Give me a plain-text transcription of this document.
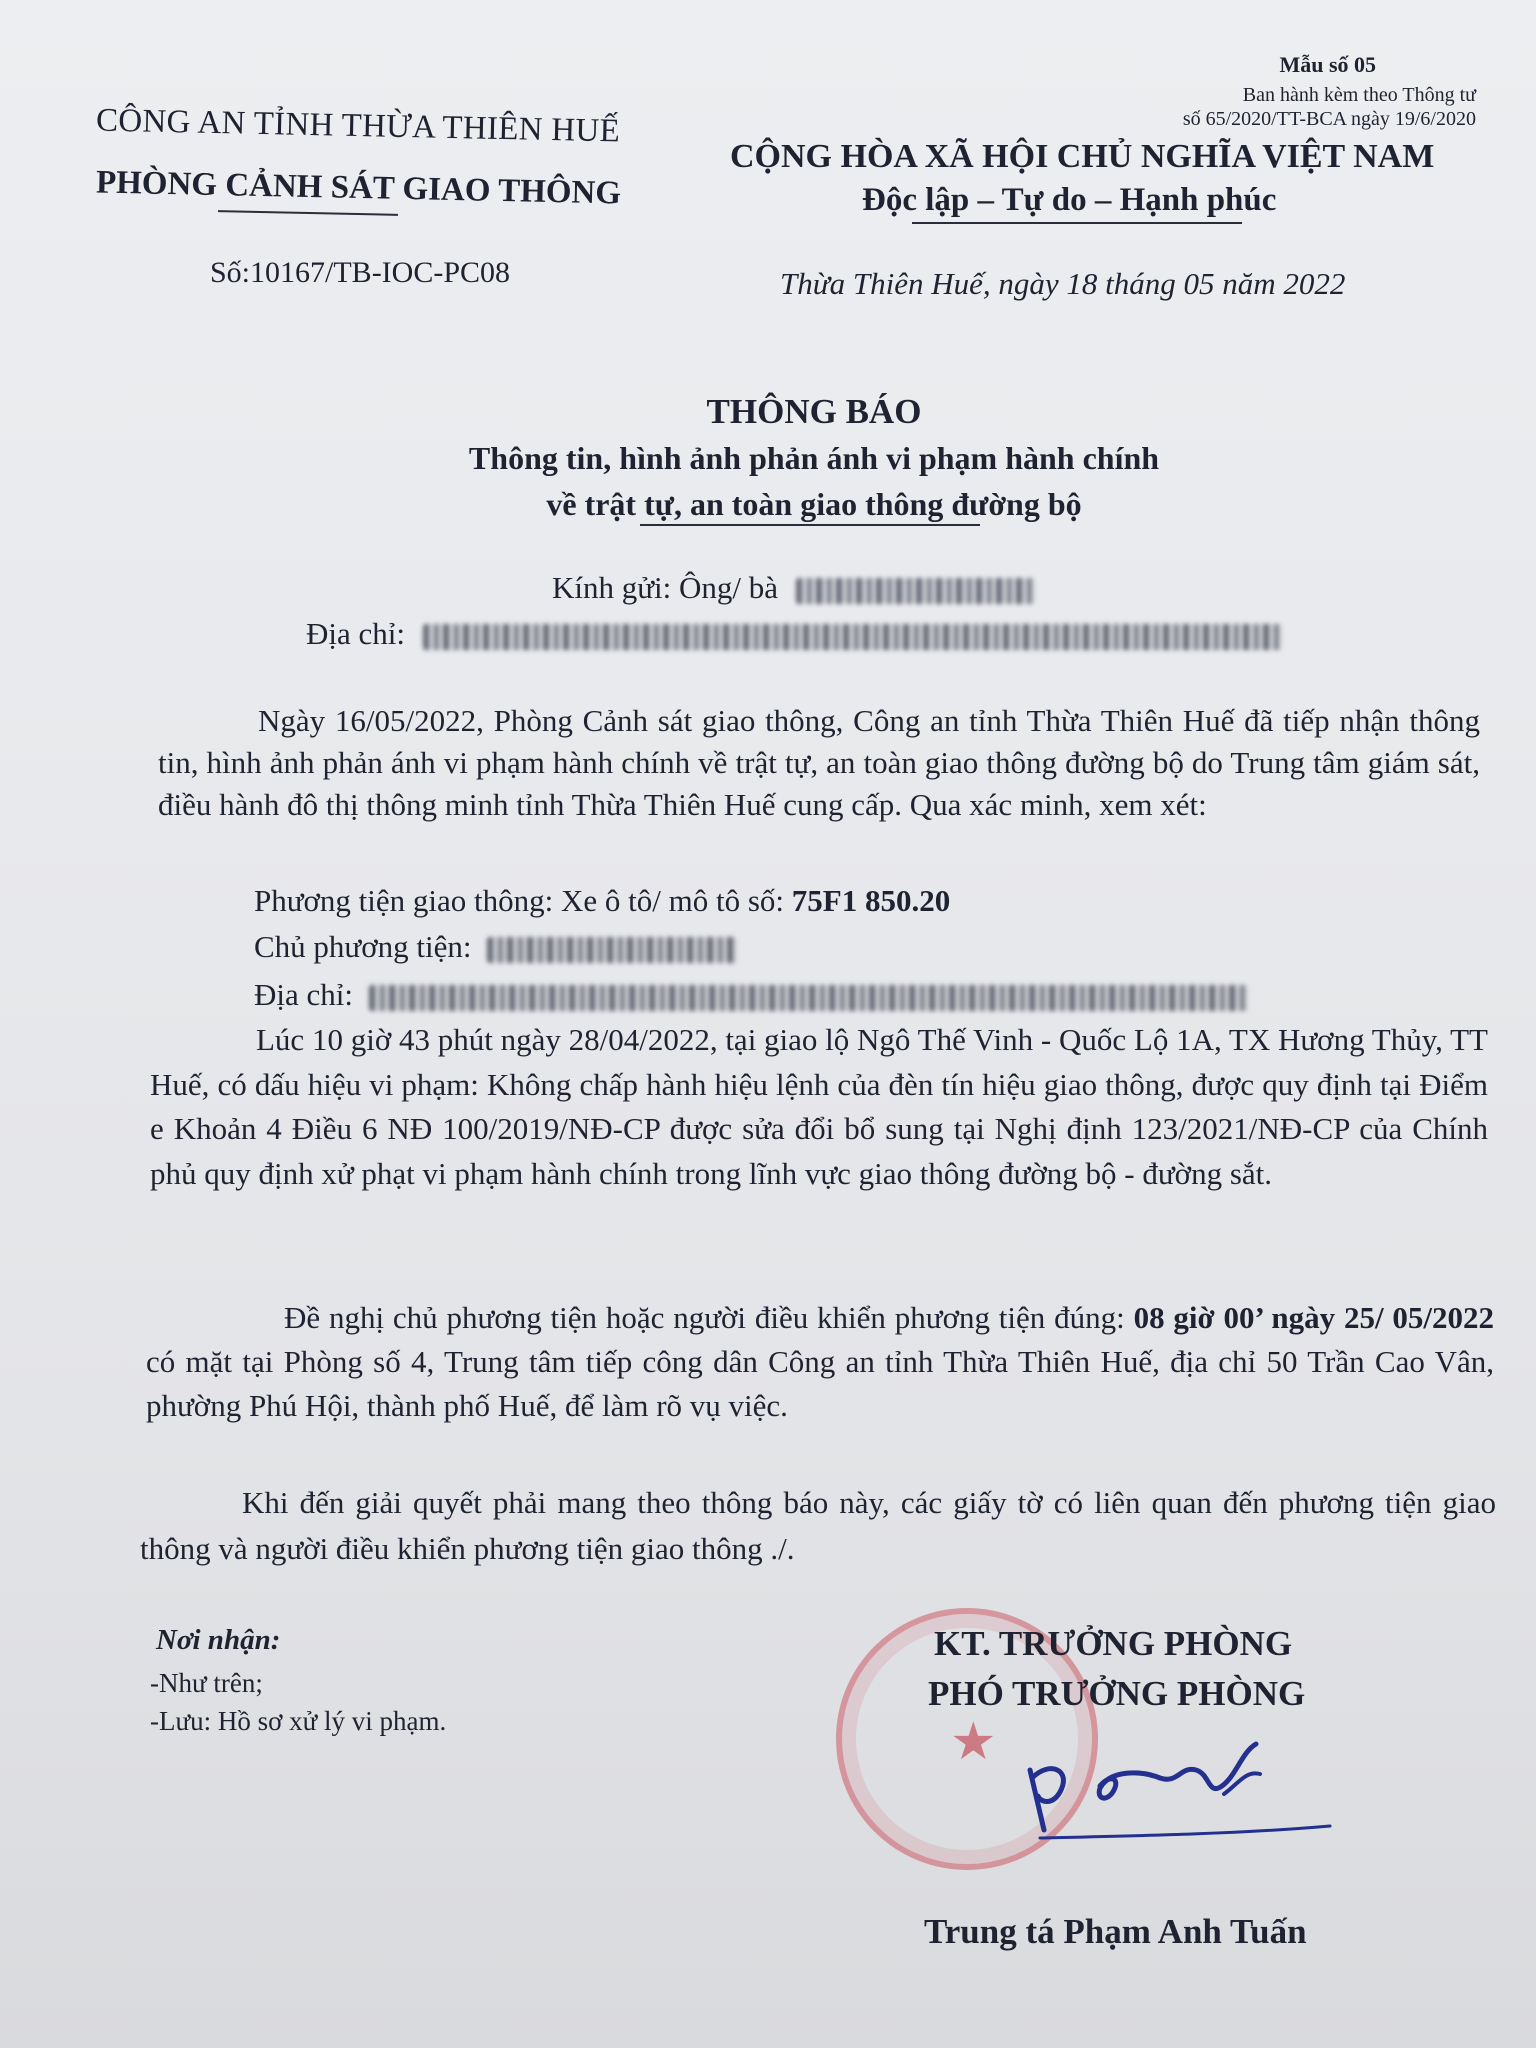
Mẫu số 05
Ban hành kèm theo Thông tư
số 65/2020/TT-BCA ngày 19/6/2020
CÔNG AN TỈNH THỪA THIÊN HUẾ
PHÒNG CẢNH SÁT GIAO THÔNG
Số:10167/TB-IOC-PC08
CỘNG HÒA XÃ HỘI CHỦ NGHĨA VIỆT NAM
Độc lập – Tự do – Hạnh phúc
Thừa Thiên Huế, ngày 18 tháng 05 năm 2022
THÔNG BÁO
Thông tin, hình ảnh phản ánh vi phạm hành chính
về trật tự, an toàn giao thông đường bộ
Kính gửi: Ông/ bà
Địa chỉ:
Ngày 16/05/2022, Phòng Cảnh sát giao thông, Công an tỉnh Thừa Thiên Huế đã tiếp nhận thông tin, hình ảnh phản ánh vi phạm hành chính về trật tự, an toàn giao thông đường bộ do Trung tâm giám sát, điều hành đô thị thông minh tỉnh Thừa Thiên Huế cung cấp. Qua xác minh, xem xét:
Phương tiện giao thông: Xe ô tô/ mô tô số: 75F1 850.20
Chủ phương tiện:
Địa chỉ:
Lúc 10 giờ 43 phút ngày 28/04/2022, tại giao lộ Ngô Thế Vinh - Quốc Lộ 1A, TX Hương Thủy, TT Huế, có dấu hiệu vi phạm: Không chấp hành hiệu lệnh của đèn tín hiệu giao thông, được quy định tại Điểm e Khoản 4 Điều 6 NĐ 100/2019/NĐ-CP được sửa đổi bổ sung tại Nghị định 123/2021/NĐ-CP của Chính phủ quy định xử phạt vi phạm hành chính trong lĩnh vực giao thông đường bộ - đường sắt.
Đề nghị chủ phương tiện hoặc người điều khiển phương tiện đúng: 08 giờ 00’ ngày 25/ 05/2022 có mặt tại Phòng số 4, Trung tâm tiếp công dân Công an tỉnh Thừa Thiên Huế, địa chỉ 50 Trần Cao Vân, phường Phú Hội, thành phố Huế, để làm rõ vụ việc.
Khi đến giải quyết phải mang theo thông báo này, các giấy tờ có liên quan đến phương tiện giao thông và người điều khiển phương tiện giao thông ./.
Nơi nhận:
-Như trên;
-Lưu: Hồ sơ xử lý vi phạm.	★
KT. TRƯỞNG PHÒNG
PHÓ TRƯỞNG PHÒNG
Trung tá Phạm Anh Tuấn
